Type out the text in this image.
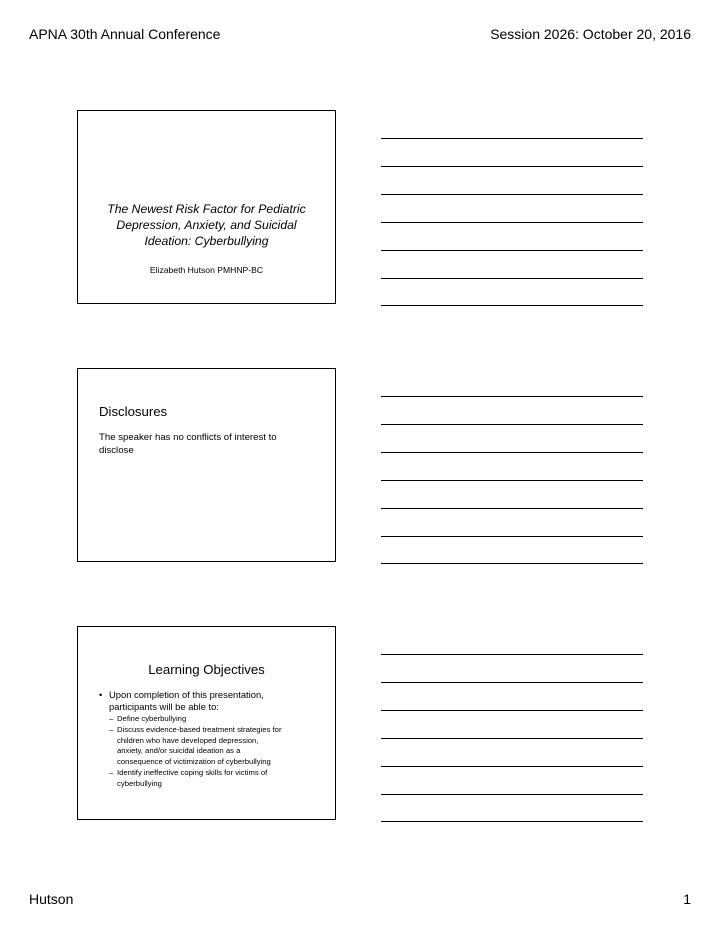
APNA 30th Annual Conference	Session 2026: October 20, 2016
The Newest Risk Factor for Pediatric
Depression, Anxiety, and Suicidal
Ideation: Cyberbullying
Elizabeth Hutson PMHNP-BC
Disclosures
The speaker has no conflicts of interest to
disclose
Learning Objectives
• Upon completion of this presentation,
participants will be able to:
– Define cyberbullying
– Discuss evidence-based treatment strategies for
children who have developed depression,
anxiety, and/or suicidal ideation as a
consequence of victimization of cyberbullying
– Identify ineffective coping skills for victims of
cyberbullying
Hutson	1
